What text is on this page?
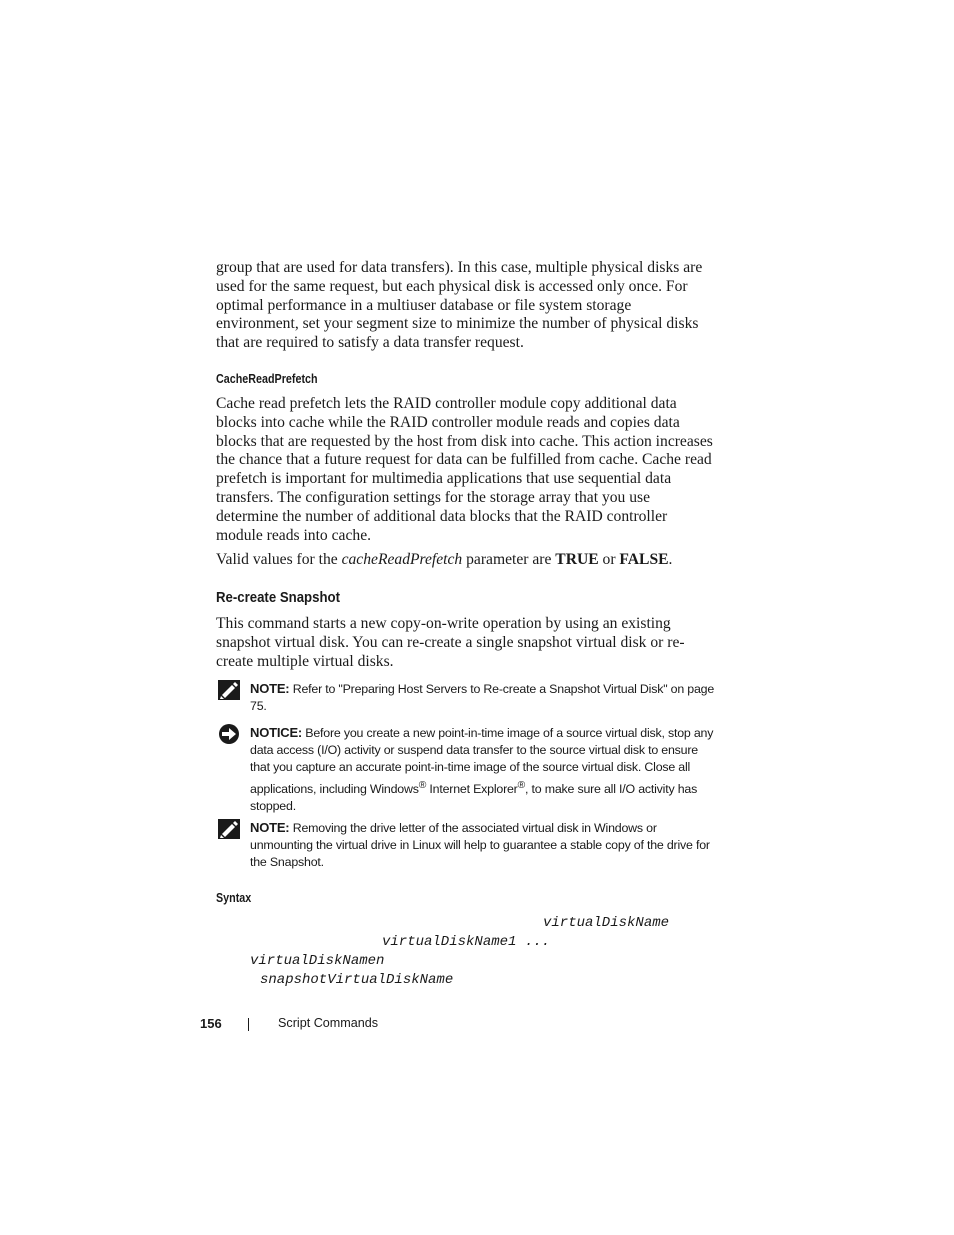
group that are used for data transfers). In this case, multiple physical disks are used for the same request, but each physical disk is accessed only once. For optimal performance in a multiuser database or file system storage environment, set your segment size to minimize the number of physical disks that are required to satisfy a data transfer request.

CacheReadPrefetch

Cache read prefetch lets the RAID controller module copy additional data blocks into cache while the RAID controller module reads and copies data blocks that are requested by the host from disk into cache. This action increases the chance that a future request for data can be fulfilled from cache. Cache read prefetch is important for multimedia applications that use sequential data transfers. The configuration settings for the storage array that you use determine the number of additional data blocks that the RAID controller module reads into cache.

Valid values for the cacheReadPrefetch parameter are TRUE or FALSE.

Re-create Snapshot

This command starts a new copy-on-write operation by using an existing snapshot virtual disk. You can re-create a single snapshot virtual disk or re-create multiple virtual disks.

NOTE: Refer to "Preparing Host Servers to Re-create a Snapshot Virtual Disk" on page 75.
NOTICE: Before you create a new point-in-time image of a source virtual disk, stop any data access (I/O) activity or suspend data transfer to the source virtual disk to ensure that you capture an accurate point-in-time image of the source virtual disk. Close all applications, including Windows® Internet Explorer®, to make sure all I/O activity has stopped.
NOTE: Removing the drive letter of the associated virtual disk in Windows or unmounting the virtual drive in Linux will help to guarantee a stable copy of the drive for the Snapshot.
Syntax
virtualDiskName
virtualDiskName1 ...
virtualDiskNamen
snapshotVirtualDiskName
156	Script Commands
